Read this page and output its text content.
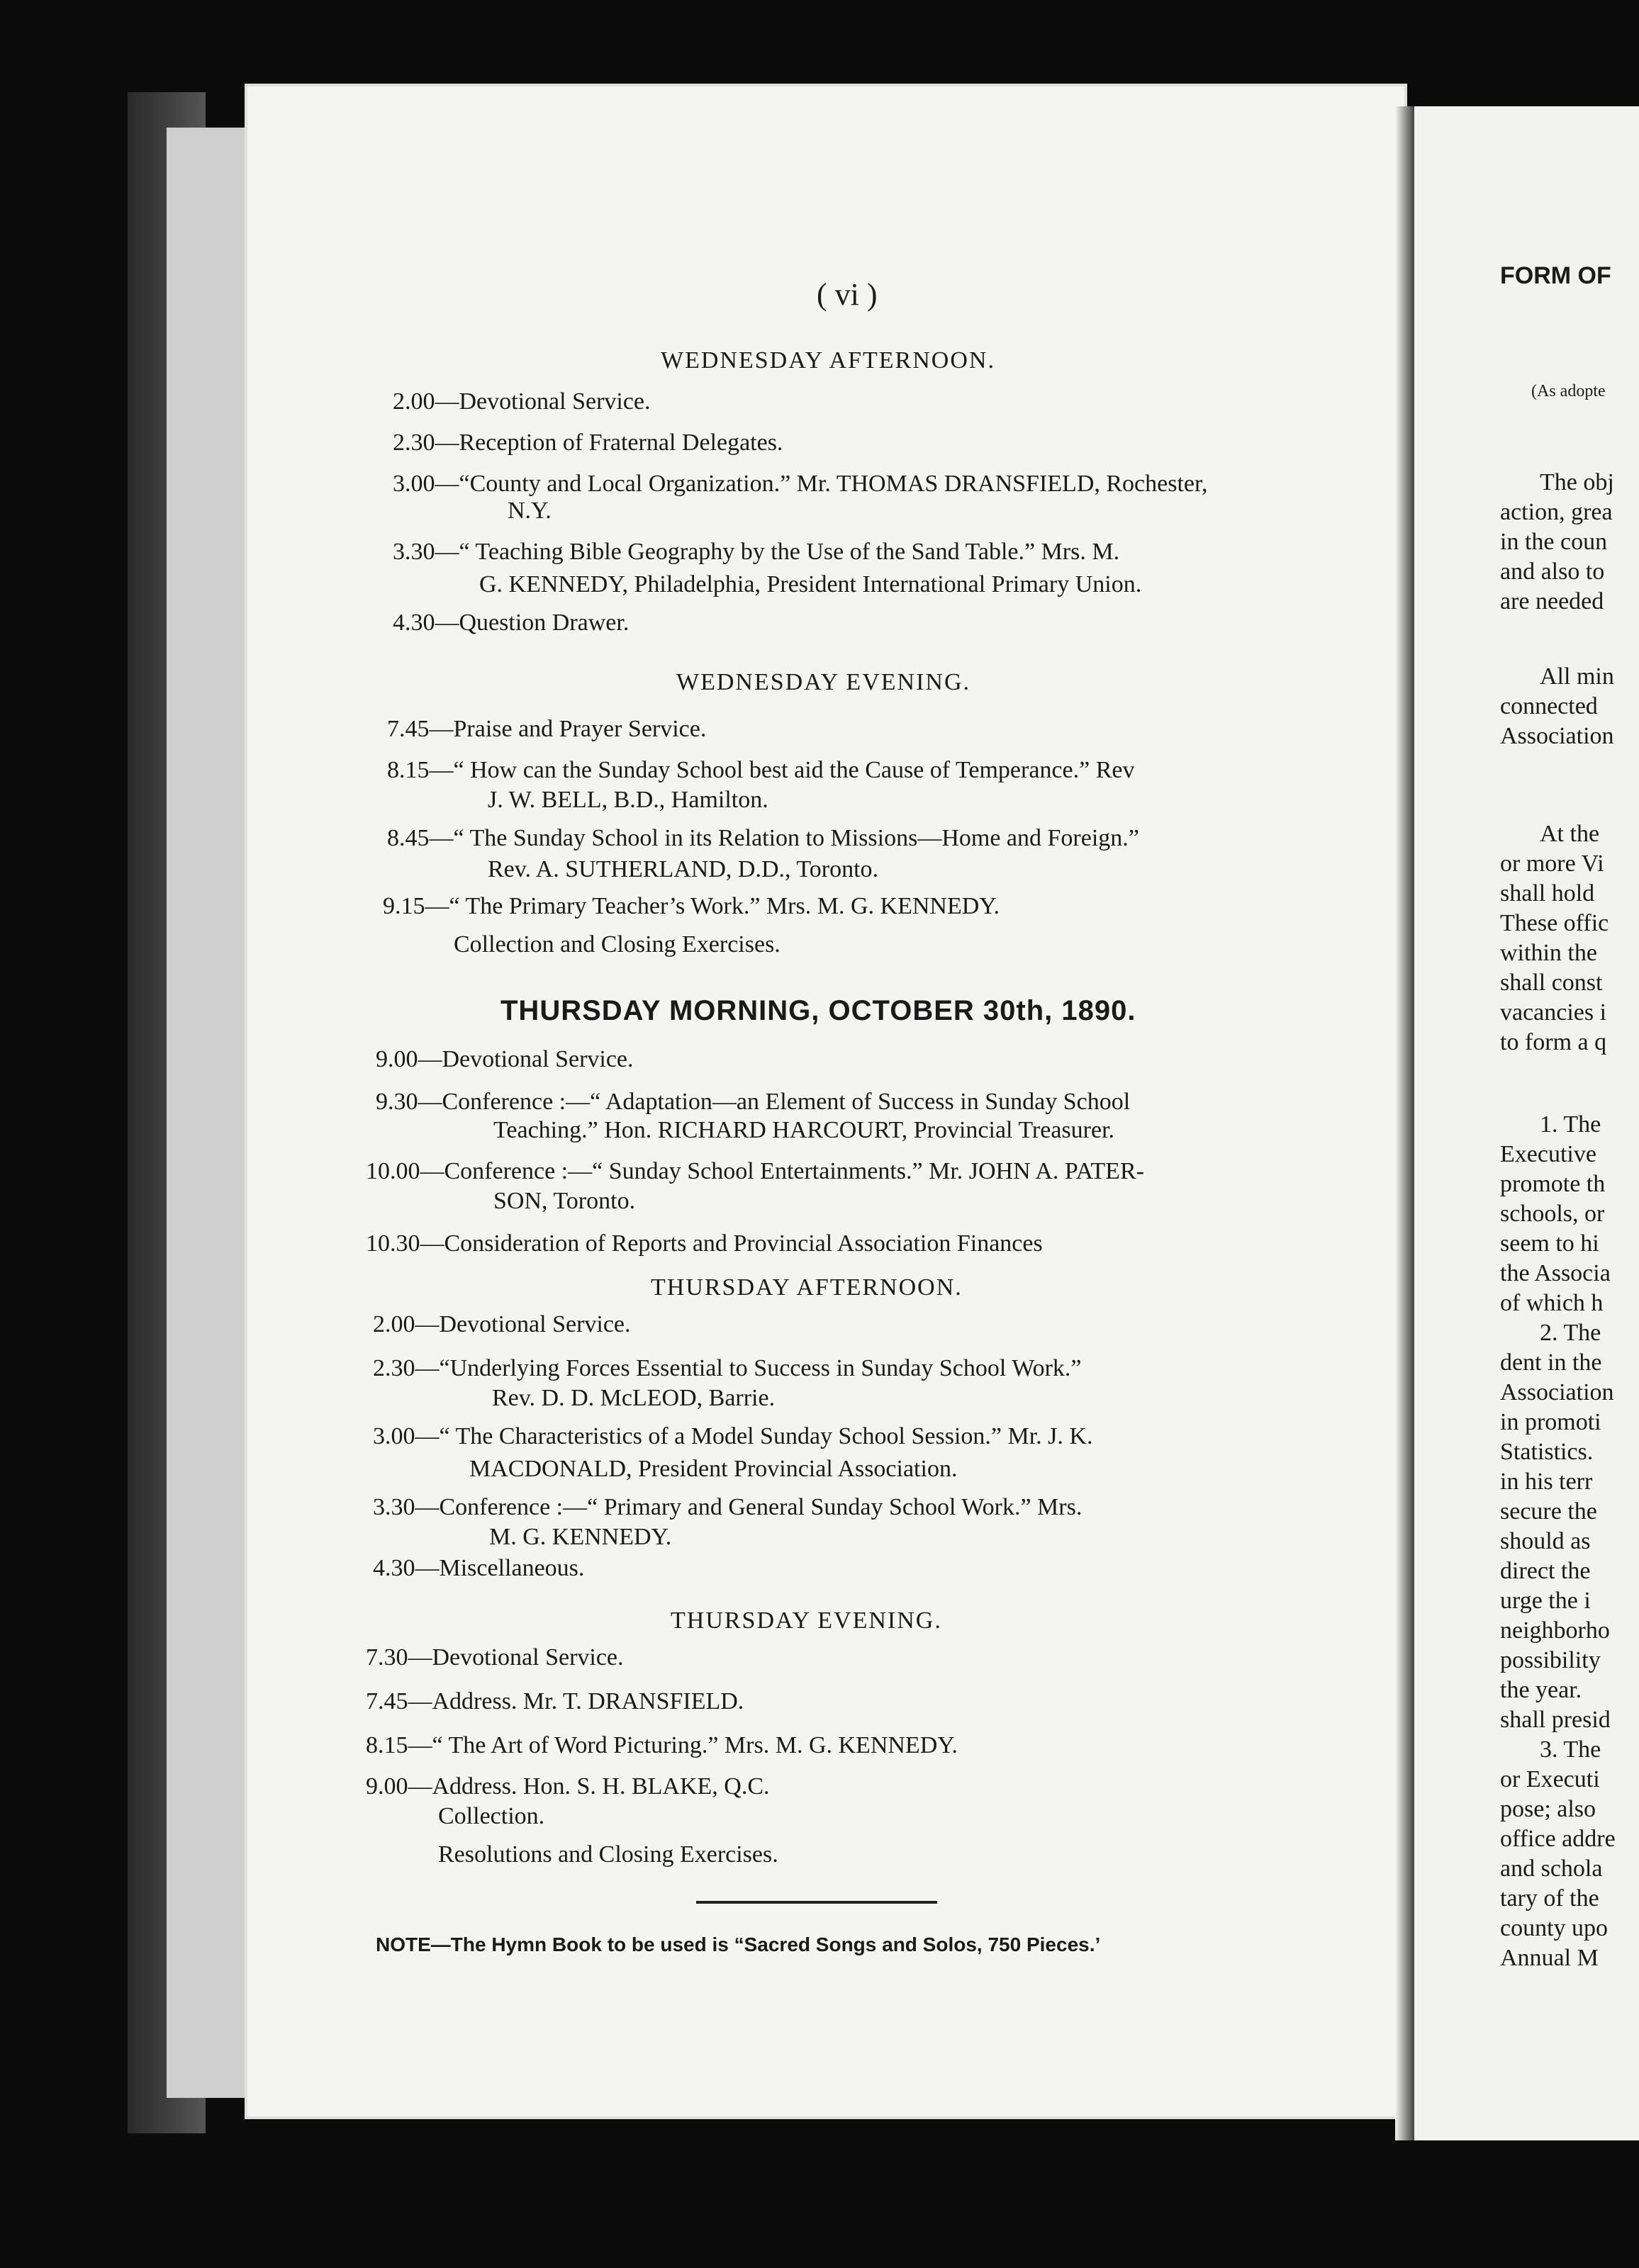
( vi )
WEDNESDAY AFTERNOON.
2.00—Devotional Service.
2.30—Reception of Fraternal Delegates.
3.00—“County and Local Organization.” Mr. THOMAS DRANSFIELD, Rochester,
N.Y.
3.30—“ Teaching Bible Geography by the Use of the Sand Table.” Mrs. M.
G. KENNEDY, Philadelphia, President International Primary Union.
4.30—Question Drawer.
WEDNESDAY EVENING.
7.45—Praise and Prayer Service.
8.15—“ How can the Sunday School best aid the Cause of Temperance.” Rev
J. W. BELL, B.D., Hamilton.
8.45—“ The Sunday School in its Relation to Missions—Home and Foreign.”
Rev. A. SUTHERLAND, D.D., Toronto.
9.15—“ The Primary Teacher’s Work.” Mrs. M. G. KENNEDY.
Collection and Closing Exercises.
THURSDAY MORNING, OCTOBER 30th, 1890.
9.00—Devotional Service.
9.30—Conference :—“ Adaptation—an Element of Success in Sunday School
Teaching.” Hon. RICHARD HARCOURT, Provincial Treasurer.
10.00—Conference :—“ Sunday School Entertainments.” Mr. JOHN A. PATER-
SON, Toronto.
10.30—Consideration of Reports and Provincial Association Finances
THURSDAY AFTERNOON.
2.00—Devotional Service.
2.30—“Underlying Forces Essential to Success in Sunday School Work.”
Rev. D. D. McLEOD, Barrie.
3.00—“ The Characteristics of a Model Sunday School Session.” Mr. J. K.
MACDONALD, President Provincial Association.
3.30—Conference :—“ Primary and General Sunday School Work.” Mrs.
M. G. KENNEDY.
4.30—Miscellaneous.
THURSDAY EVENING.
7.30—Devotional Service.
7.45—Address. Mr. T. DRANSFIELD.
8.15—“ The Art of Word Picturing.” Mrs. M. G. KENNEDY.
9.00—Address. Hon. S. H. BLAKE, Q.C.
Collection.
Resolutions and Closing Exercises.
NOTE—The Hymn Book to be used is “Sacred Songs and Solos, 750 Pieces.’
FORM OF
(As adopte
The obj
action, grea
in the coun
and also to
are needed
All min
connected
Association
At the
or more Vi
shall hold
These offic
within the
shall const
vacancies i
to form a q
1. The
Executive
promote th
schools, or
seem to hi
the Associa
of which h
2. The
dent in the
Association
in promoti
Statistics.
in his terr
secure the
should as
direct the
urge the i
neighborho
possibility
the year.
shall presid
3. The
or Executi
pose; also
office addre
and schola
tary of the
county upo
Annual M
